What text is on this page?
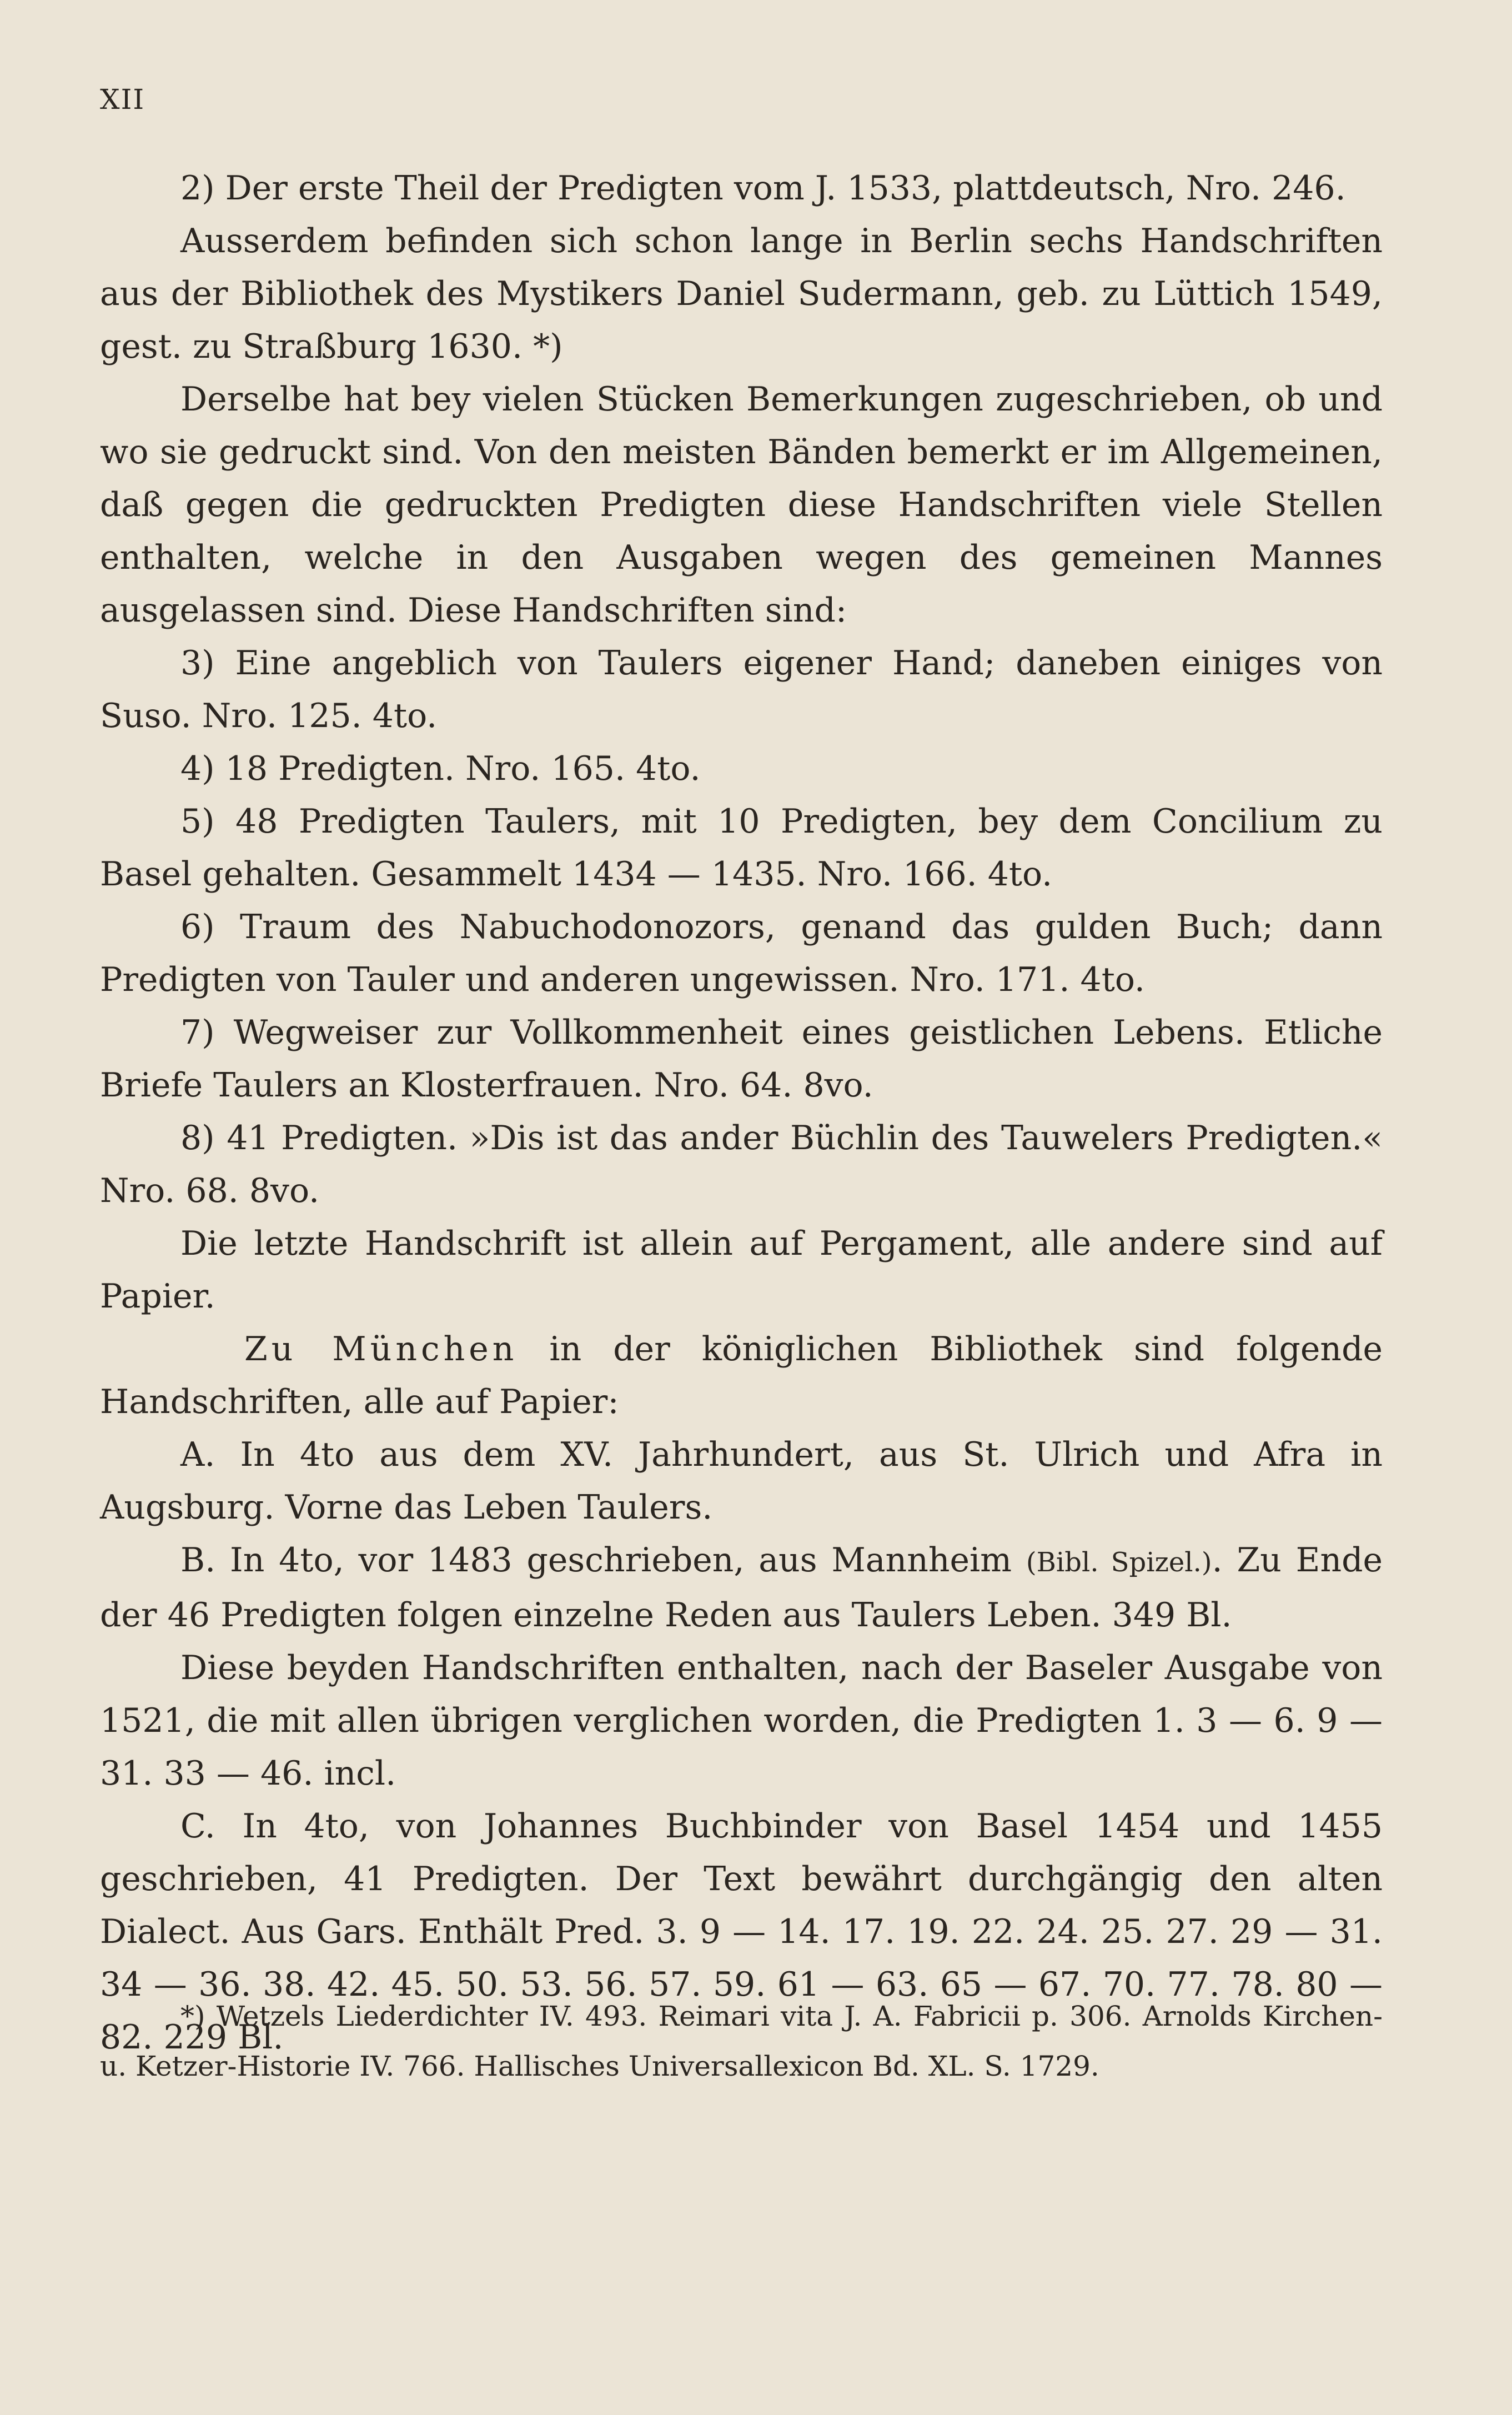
XII

2) Der erste Theil der Predigten vom J. 1533, plattdeutsch, Nro. 246.

Ausserdem befinden sich schon lange in Berlin sechs Handschriften aus der Bibliothek des Mystikers Daniel Sudermann, geb. zu Lüttich 1549, gest. zu Straßburg 1630. *)

Derselbe hat bey vielen Stücken Bemerkungen zugeschrieben, ob und wo sie gedruckt sind. Von den meisten Bänden bemerkt er im Allgemeinen, daß gegen die gedruckten Predigten diese Handschriften viele Stellen enthalten, welche in den Ausgaben wegen des gemeinen Mannes ausgelassen sind. Diese Handschriften sind:

3) Eine angeblich von Taulers eigener Hand; daneben einiges von Suso. Nro. 125. 4to.

4) 18 Predigten. Nro. 165. 4to.

5) 48 Predigten Taulers, mit 10 Predigten, bey dem Concilium zu Basel gehalten. Gesammelt 1434 — 1435. Nro. 166. 4to.

6) Traum des Nabuchodonozors, genand das gulden Buch; dann Predigten von Tauler und anderen ungewissen. Nro. 171. 4to.

7) Wegweiser zur Vollkommenheit eines geistlichen Lebens. Etliche Briefe Taulers an Klosterfrauen. Nro. 64. 8vo.

8) 41 Predigten. »Dis ist das ander Büchlin des Tauwelers Predigten.« Nro. 68. 8vo.

Die letzte Handschrift ist allein auf Pergament, alle andere sind auf Papier.

Zu München in der königlichen Bibliothek sind folgende Handschriften, alle auf Papier:

A. In 4to aus dem XV. Jahrhundert, aus St. Ulrich und Afra in Augsburg. Vorne das Leben Taulers.

B. In 4to, vor 1483 geschrieben, aus Mannheim (Bibl. Spizel.). Zu Ende der 46 Predigten folgen einzelne Reden aus Taulers Leben. 349 Bl.

Diese beyden Handschriften enthalten, nach der Baseler Ausgabe von 1521, die mit allen übrigen verglichen worden, die Predigten 1. 3 — 6. 9 — 31. 33 — 46. incl.

C. In 4to, von Johannes Buchbinder von Basel 1454 und 1455 geschrieben, 41 Predigten. Der Text bewährt durchgängig den alten Dialect. Aus Gars. Enthält Pred. 3. 9 — 14. 17. 19. 22. 24. 25. 27. 29 — 31. 34 — 36. 38. 42. 45. 50. 53. 56. 57. 59. 61 — 63. 65 — 67. 70. 77. 78. 80 — 82. 229 Bl.

*) Wetzels Liederdichter IV. 493. Reimari vita J. A. Fabricii p. 306. Arnolds Kirchen- u. Ketzer-Historie IV. 766. Hallisches Universallexicon Bd. XL. S. 1729.
